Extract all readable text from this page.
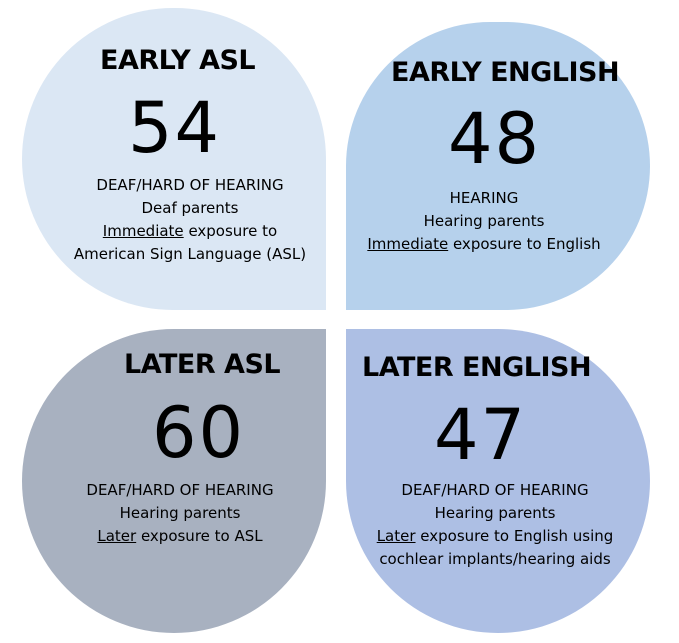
EARLY ASL
54
DEAF/HARD OF HEARING
Deaf parents
Immediate exposure to
American Sign Language (ASL)
EARLY ENGLISH
48
HEARING
Hearing parents
Immediate exposure to English
LATER ASL
60
DEAF/HARD OF HEARING
Hearing parents
Later exposure to ASL
LATER ENGLISH
47
DEAF/HARD OF HEARING
Hearing parents
Later exposure to English using
cochlear implants/hearing aids
